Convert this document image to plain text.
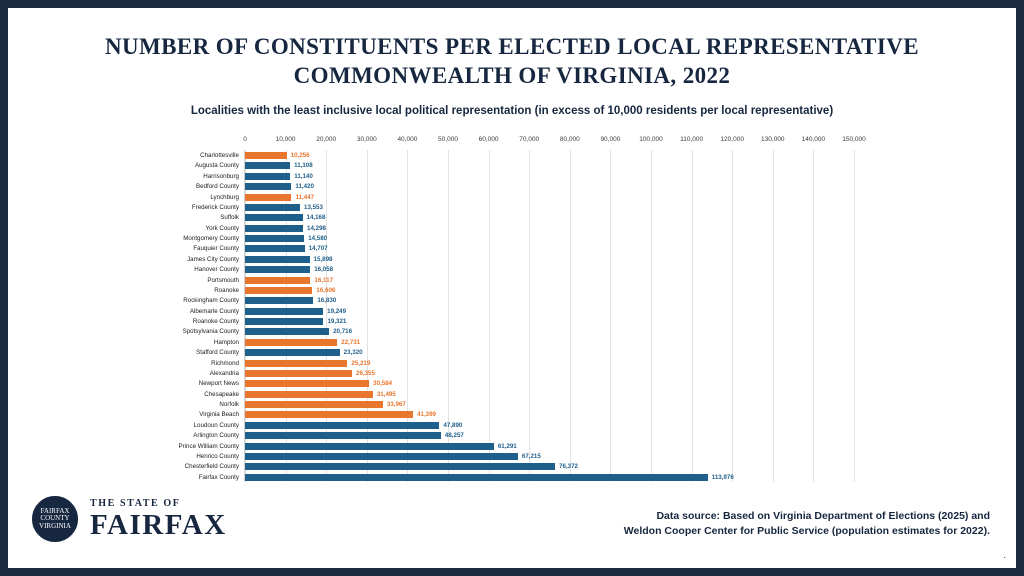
NUMBER OF CONSTITUENTS PER ELECTED LOCAL REPRESENTATIVE
COMMONWEALTH OF VIRGINIA, 2022
Localities with the least inclusive local political representation (in excess of 10,000 residents per local representative)
0	10,000	20,000	30,000	40,000	50,000	60,000	70,000	80,000	90,000	100,000	110,000	120,000	130,000	140,000	150,000
Charlottesville	10,256
Augusta County	11,108
Harrisonburg	11,140
Bedford County	11,420
Lynchburg	11,447
Frederick County	13,553
Suffolk	14,168
York County	14,298
Montgomery County	14,580
Fauquier County	14,707
James City County	15,898
Hanover County	16,058
Portsmouth	16,117
Roanoke	16,606
Rockingham County	16,830
Albemarle County	19,249
Roanoke County	19,321
Spotsylvania County	20,716
Hampton	22,731
Stafford County	23,320
Richmond	25,219
Alexandria	26,355
Newport News	30,584
Chesapeake	31,495
Norfolk	33,967
Virginia Beach	41,399
Loudoun County	47,890
Arlington County	48,257
Prince William County	61,291
Henrico County	67,215
Chesterfield County	76,372
Fairfax County	113,976
FAIRFAX COUNTY VIRGINIA
THE STATE OF
FAIRFAX	Data source: Based on Virginia Department of Elections (2025) and
Weldon Cooper Center for Public Service (population estimates for 2022).
.
